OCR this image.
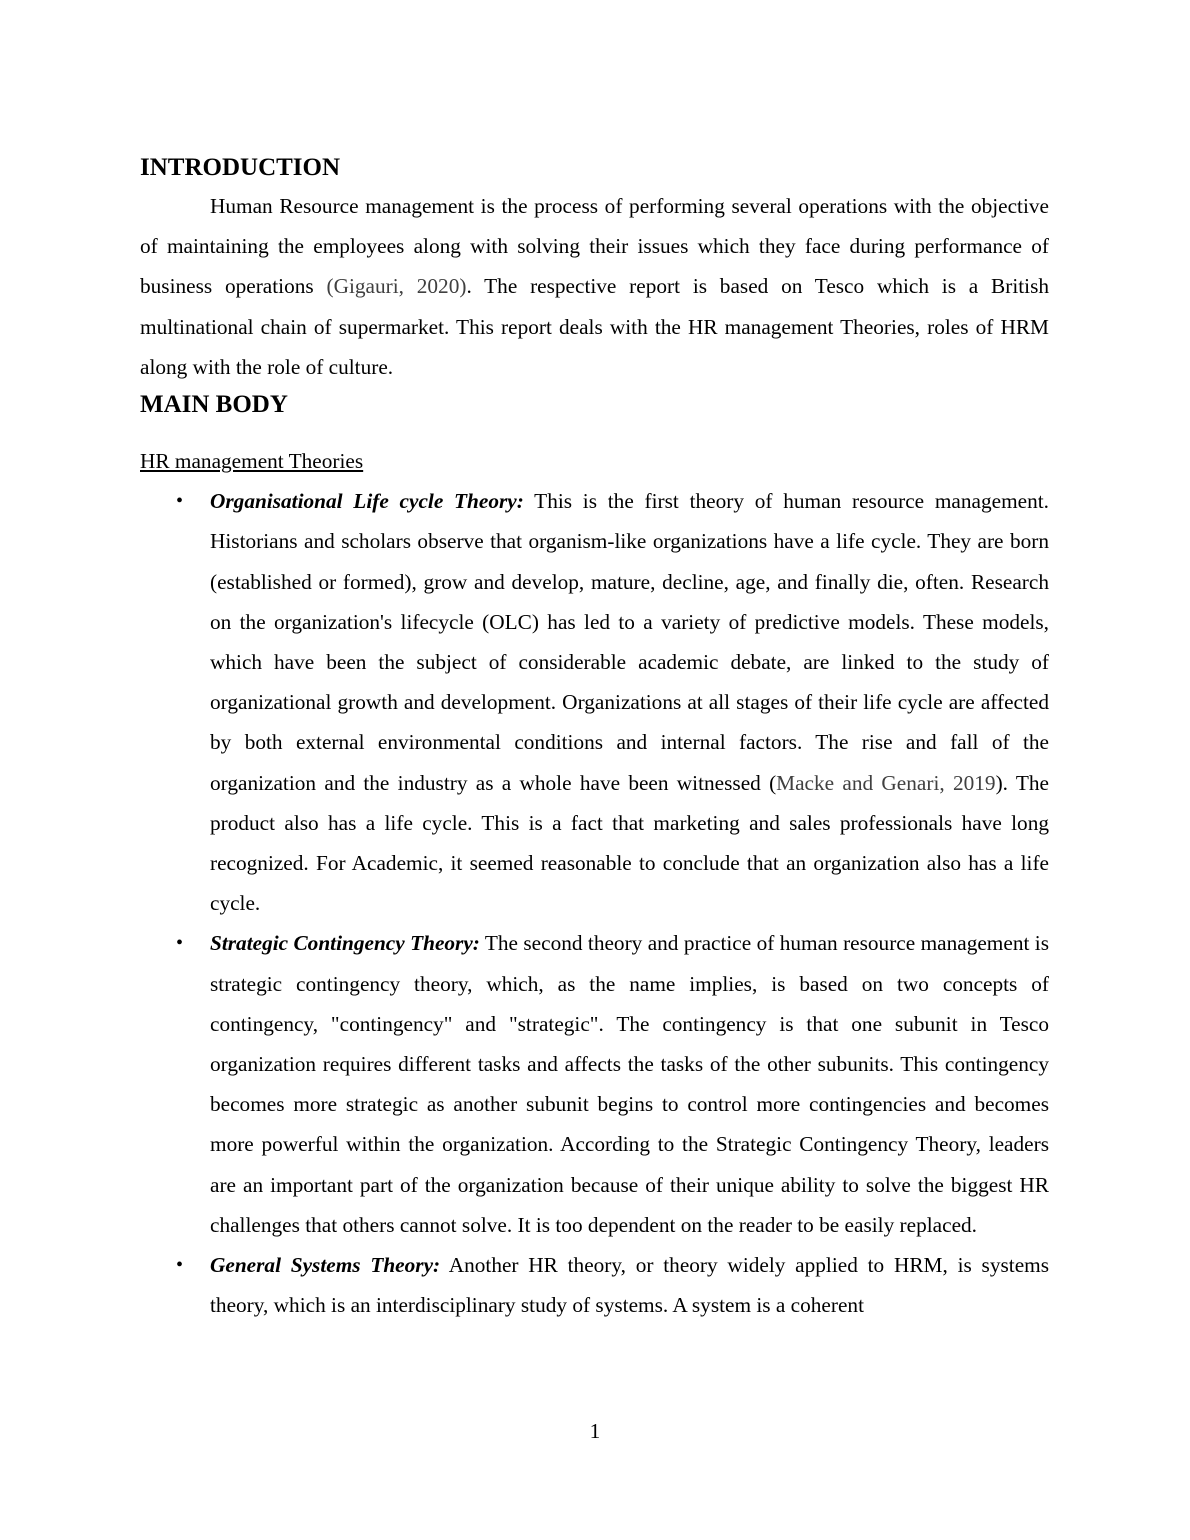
INTRODUCTION

Human Resource management is the process of performing several operations with the objective of maintaining the employees along with solving their issues which they face during performance of business operations (Gigauri, 2020). The respective report is based on Tesco which is a British multinational chain of supermarket. This report deals with the HR management Theories, roles of HRM along with the role of culture.

MAIN BODY
HR management Theories
• Organisational Life cycle Theory: This is the first theory of human resource management. Historians and scholars observe that organism-like organizations have a life cycle. They are born (established or formed), grow and develop, mature, decline, age, and finally die, often. Research on the organization's lifecycle (OLC) has led to a variety of predictive models. These models, which have been the subject of considerable academic debate, are linked to the study of organizational growth and development. Organizations at all stages of their life cycle are affected by both external environmental conditions and internal factors. The rise and fall of the organization and the industry as a whole have been witnessed (Macke and Genari, 2019). The product also has a life cycle. This is a fact that marketing and sales professionals have long recognized. For Academic, it seemed reasonable to conclude that an organization also has a life cycle.
• Strategic Contingency Theory: The second theory and practice of human resource management is strategic contingency theory, which, as the name implies, is based on two concepts of contingency, "contingency" and "strategic". The contingency is that one subunit in Tesco organization requires different tasks and affects the tasks of the other subunits. This contingency becomes more strategic as another subunit begins to control more contingencies and becomes more powerful within the organization. According to the Strategic Contingency Theory, leaders are an important part of the organization because of their unique ability to solve the biggest HR challenges that others cannot solve. It is too dependent on the reader to be easily replaced.
• General Systems Theory: Another HR theory, or theory widely applied to HRM, is systems theory, which is an interdisciplinary study of systems. A system is a coherent
1
